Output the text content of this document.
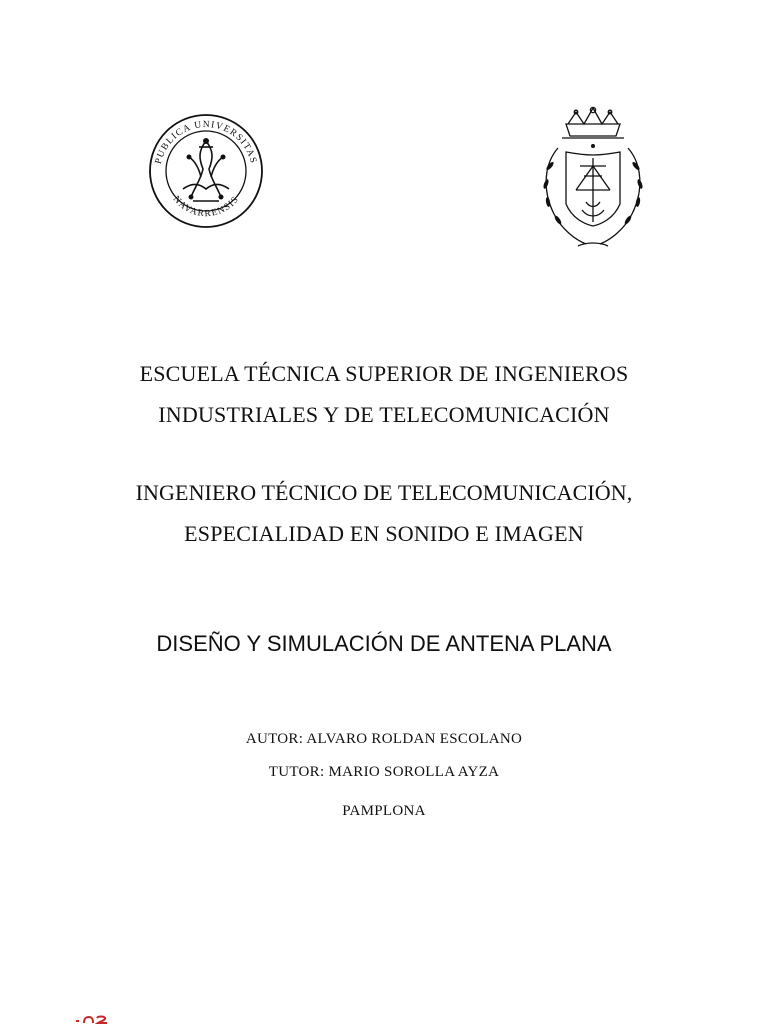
PUBLICA UNIVERSITAS
NAVARRENSIS
ESCUELA TÉCNICA SUPERIOR DE INGENIEROS
INDUSTRIALES Y DE TELECOMUNICACIÓN
INGENIERO TÉCNICO DE TELECOMUNICACIÓN,
ESPECIALIDAD EN SONIDO E IMAGEN
DISEÑO Y SIMULACIÓN DE ANTENA PLANA
AUTOR: ALVARO ROLDAN ESCOLANO
TUTOR: MARIO SOROLLA AYZA
PAMPLONA
